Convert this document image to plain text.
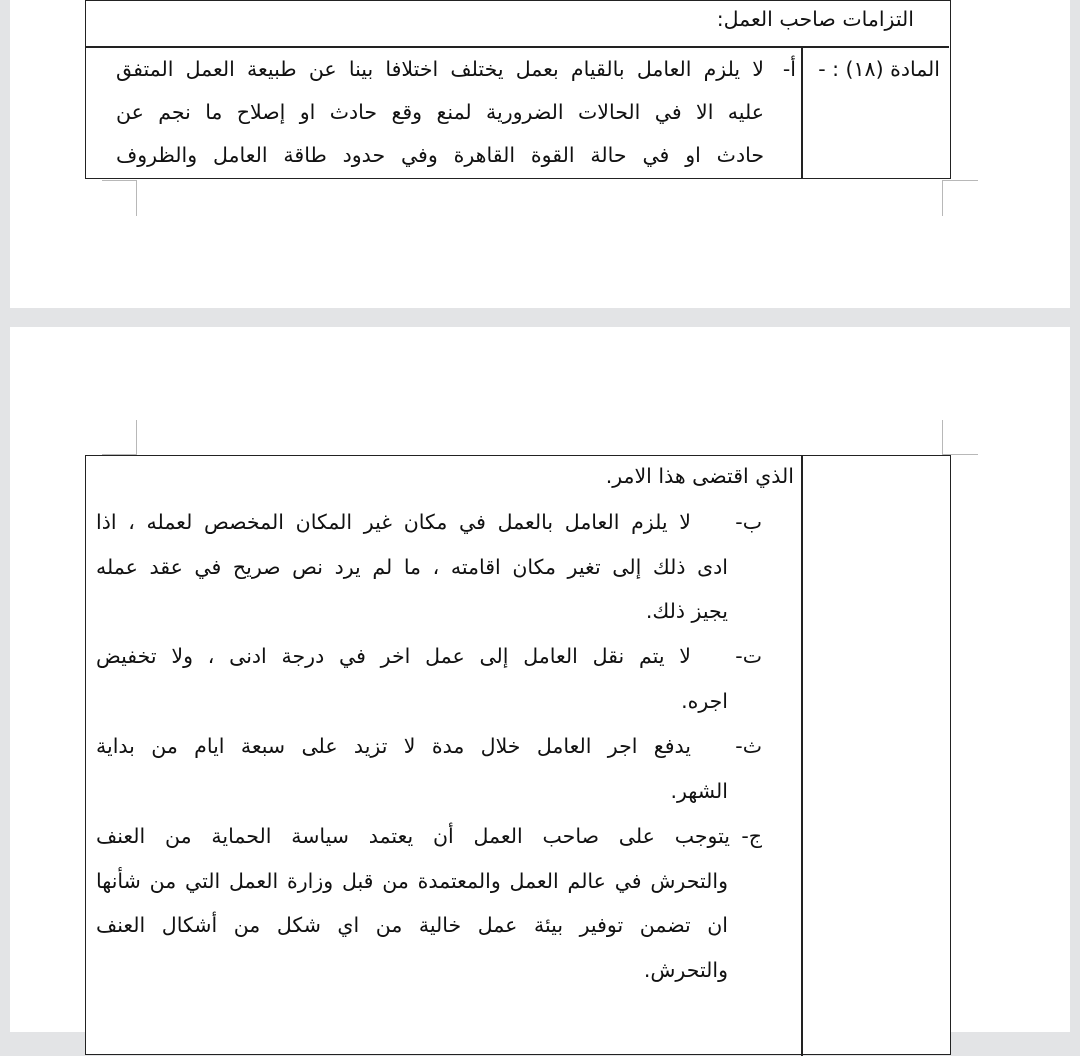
التزامات صاحب العمل:
المادة (١٨) : -
أ-
لا يلزم العامل بالقيام بعمل يختلف اختلافا بينا عن طبيعة العمل المتفق
عليه الا في الحالات الضرورية لمنع وقع حادث او إصلاح ما نجم عن
حادث او في حالة القوة القاهرة وفي حدود طاقة العامل والظروف
الذي اقتضى هذا الامر.
ب-
لا يلزم العامل بالعمل في مكان غير المكان المخصص لعمله ، اذا
ادى ذلك إلى تغير مكان اقامته ، ما لم يرد نص صريح في عقد عمله
يجيز ذلك.
ت-
لا يتم نقل العامل إلى عمل اخر في درجة ادنى ، ولا تخفيض
اجره.
ث-
يدفع اجر العامل خلال مدة لا تزيد على سبعة ايام من بداية
الشهر.
ج-
يتوجب على صاحب العمل أن يعتمد سياسة الحماية من العنف
والتحرش في عالم العمل والمعتمدة من قبل وزارة العمل التي من شأنها
ان تضمن توفير بيئة عمل خالية من اي شكل من أشكال العنف
والتحرش.
